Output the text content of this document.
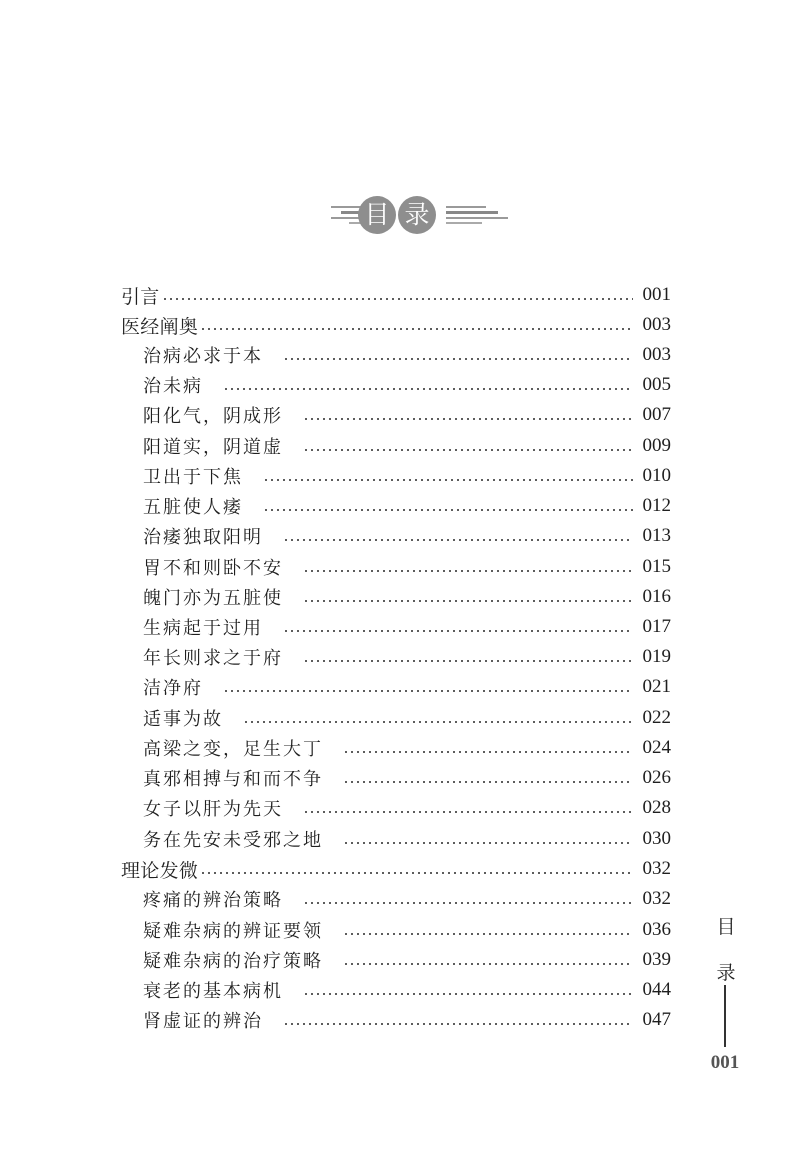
目 录
引言	001
医经阐奥	003
治病必求于本	003
治未病	005
阳化气，阴成形	007
阳道实，阴道虚	009
卫出于下焦	010
五脏使人痿	012
治痿独取阳明	013
胃不和则卧不安	015
魄门亦为五脏使	016
生病起于过用	017
年长则求之于府	019
洁净府	021
适事为故	022
高梁之变，足生大丁	024
真邪相搏与和而不争	026
女子以肝为先天	028
务在先安未受邪之地	030
理论发微	032
疼痛的辨治策略	032
疑难杂病的辨证要领	036
疑难杂病的治疗策略	039
衰老的基本病机	044
肾虚证的辨治	047
目
录
001
